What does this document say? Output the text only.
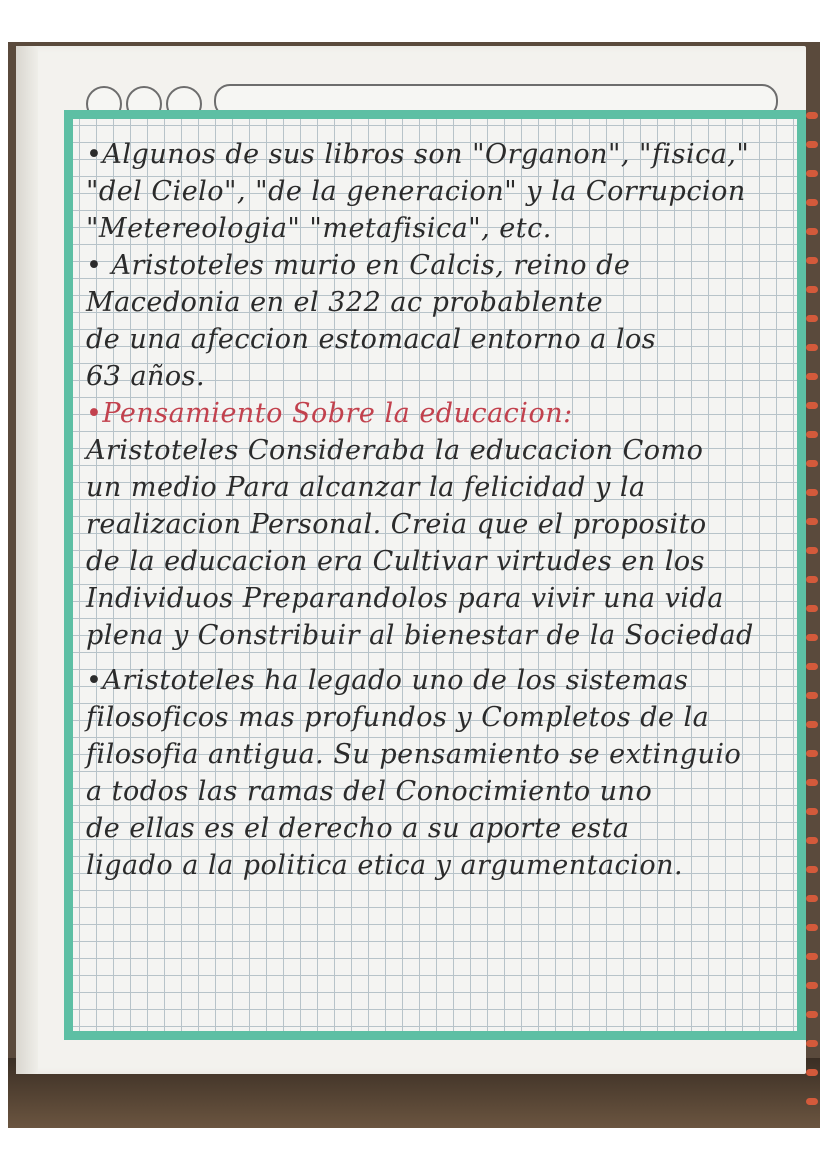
•Algunos de sus libros son "Organon", "fisica,"
"del Cielo", "de la generacion" y la Corrupcion
"Metereologia" "metafisica", etc.
• Aristoteles murio en Calcis, reino de
Macedonia en el 322 ac probablente
de una afeccion estomacal entorno a los
63 años.
•Pensamiento Sobre la educacion:
Aristoteles Consideraba la educacion Como
un medio Para alcanzar la felicidad y la
realizacion Personal. Creia que el proposito
de la educacion era Cultivar virtudes en los
Individuos Preparandolos para vivir una vida
plena y Constribuir al bienestar de la Sociedad
•Aristoteles ha legado uno de los sistemas
filosoficos mas profundos y Completos de la
filosofia antigua. Su pensamiento se extinguio
a todos las ramas del Conocimiento uno
de ellas es el derecho a su aporte esta
ligado a la politica etica y argumentacion.
